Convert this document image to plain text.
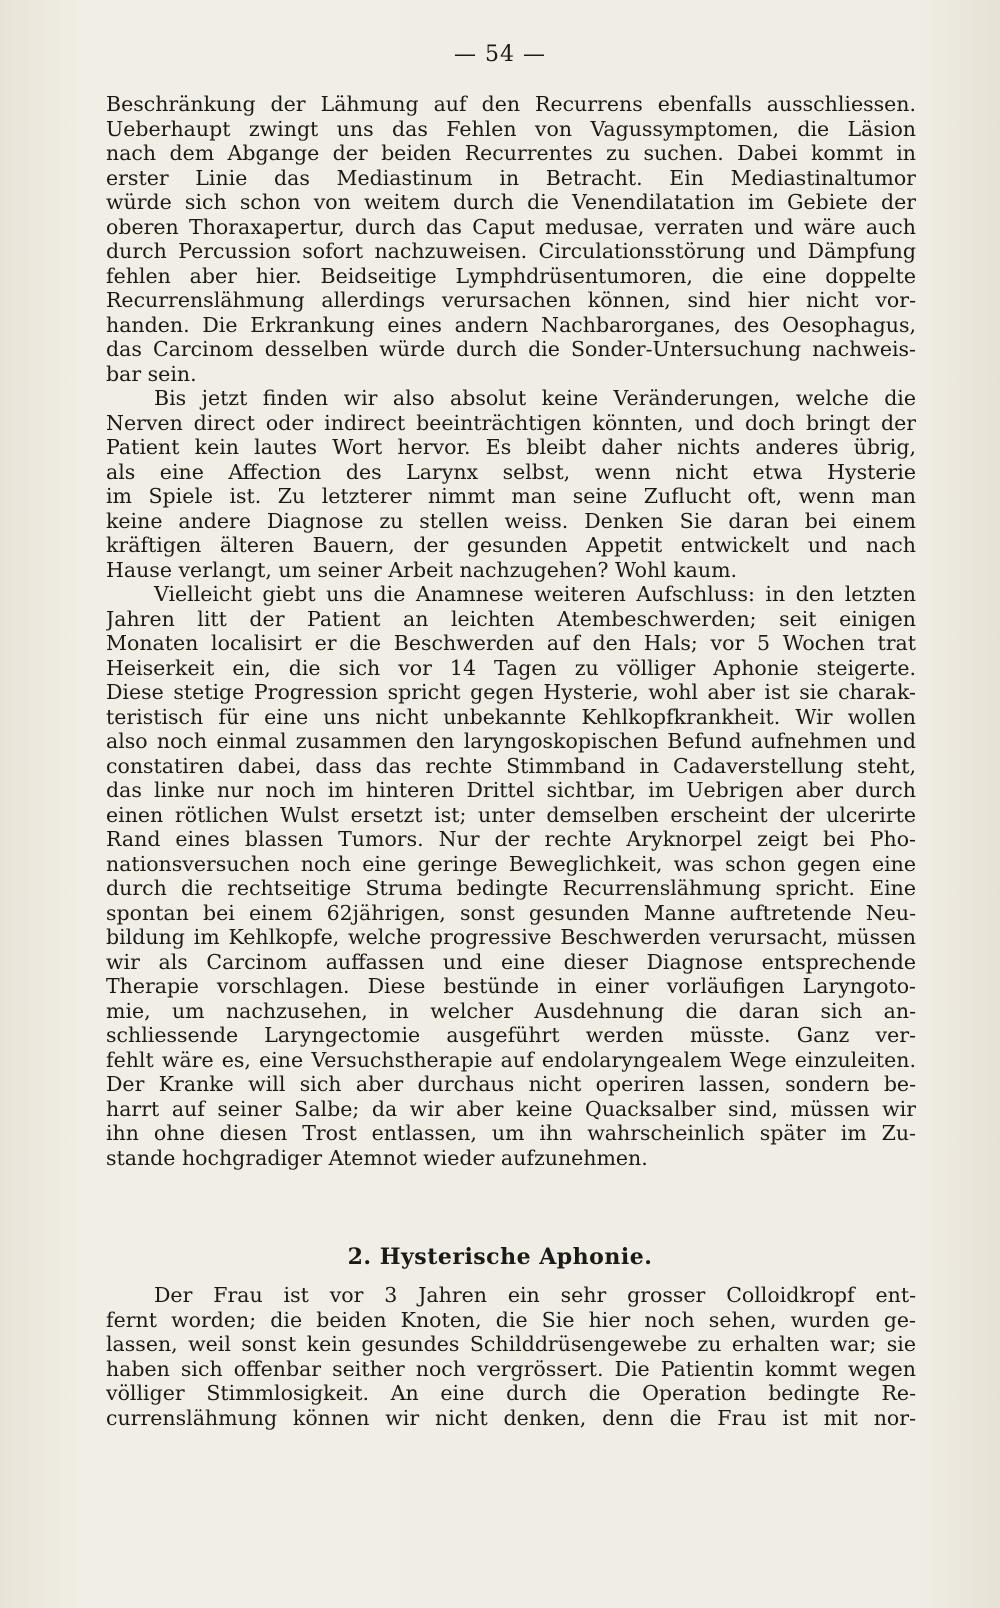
— 54 —
Beschränkung der Lähmung auf den Recurrens ebenfalls ausschliessen.
Ueberhaupt zwingt uns das Fehlen von Vagussymptomen, die Läsion
nach dem Abgange der beiden Recurrentes zu suchen. Dabei kommt in
erster Linie das Mediastinum in Betracht. Ein Mediastinaltumor
würde sich schon von weitem durch die Venendilatation im Gebiete der
oberen Thoraxapertur, durch das Caput medusae, verraten und wäre auch
durch Percussion sofort nachzuweisen. Circulationsstörung und Dämpfung
fehlen aber hier. Beidseitige Lymphdrüsentumoren, die eine doppelte
Recurrenslähmung allerdings verursachen können, sind hier nicht vor-
handen. Die Erkrankung eines andern Nachbarorganes, des Oesophagus,
das Carcinom desselben würde durch die Sonder-Untersuchung nachweis-
bar sein.
Bis jetzt finden wir also absolut keine Veränderungen, welche die
Nerven direct oder indirect beeinträchtigen könnten, und doch bringt der
Patient kein lautes Wort hervor. Es bleibt daher nichts anderes übrig,
als eine Affection des Larynx selbst, wenn nicht etwa Hysterie
im Spiele ist. Zu letzterer nimmt man seine Zuflucht oft, wenn man
keine andere Diagnose zu stellen weiss. Denken Sie daran bei einem
kräftigen älteren Bauern, der gesunden Appetit entwickelt und nach
Hause verlangt, um seiner Arbeit nachzugehen? Wohl kaum.
Vielleicht giebt uns die Anamnese weiteren Aufschluss: in den letzten
Jahren litt der Patient an leichten Atembeschwerden; seit einigen
Monaten localisirt er die Beschwerden auf den Hals; vor 5 Wochen trat
Heiserkeit ein, die sich vor 14 Tagen zu völliger Aphonie steigerte.
Diese stetige Progression spricht gegen Hysterie, wohl aber ist sie charak-
teristisch für eine uns nicht unbekannte Kehlkopfkrankheit. Wir wollen
also noch einmal zusammen den laryngoskopischen Befund aufnehmen und
constatiren dabei, dass das rechte Stimmband in Cadaverstellung steht,
das linke nur noch im hinteren Drittel sichtbar, im Uebrigen aber durch
einen rötlichen Wulst ersetzt ist; unter demselben erscheint der ulcerirte
Rand eines blassen Tumors. Nur der rechte Aryknorpel zeigt bei Pho-
nationsversuchen noch eine geringe Beweglichkeit, was schon gegen eine
durch die rechtseitige Struma bedingte Recurrenslähmung spricht. Eine
spontan bei einem 62jährigen, sonst gesunden Manne auftretende Neu-
bildung im Kehlkopfe, welche progressive Beschwerden verursacht, müssen
wir als Carcinom auffassen und eine dieser Diagnose entsprechende
Therapie vorschlagen. Diese bestünde in einer vorläufigen Laryngoto-
mie, um nachzusehen, in welcher Ausdehnung die daran sich an-
schliessende Laryngectomie ausgeführt werden müsste. Ganz ver-
fehlt wäre es, eine Versuchstherapie auf endolaryngealem Wege einzuleiten.
Der Kranke will sich aber durchaus nicht operiren lassen, sondern be-
harrt auf seiner Salbe; da wir aber keine Quacksalber sind, müssen wir
ihn ohne diesen Trost entlassen, um ihn wahrscheinlich später im Zu-
stande hochgradiger Atemnot wieder aufzunehmen.
2. Hysterische Aphonie.
Der Frau ist vor 3 Jahren ein sehr grosser Colloidkropf ent-
fernt worden; die beiden Knoten, die Sie hier noch sehen, wurden ge-
lassen, weil sonst kein gesundes Schilddrüsengewebe zu erhalten war; sie
haben sich offenbar seither noch vergrössert. Die Patientin kommt wegen
völliger Stimmlosigkeit. An eine durch die Operation bedingte Re-
currenslähmung können wir nicht denken, denn die Frau ist mit nor-
